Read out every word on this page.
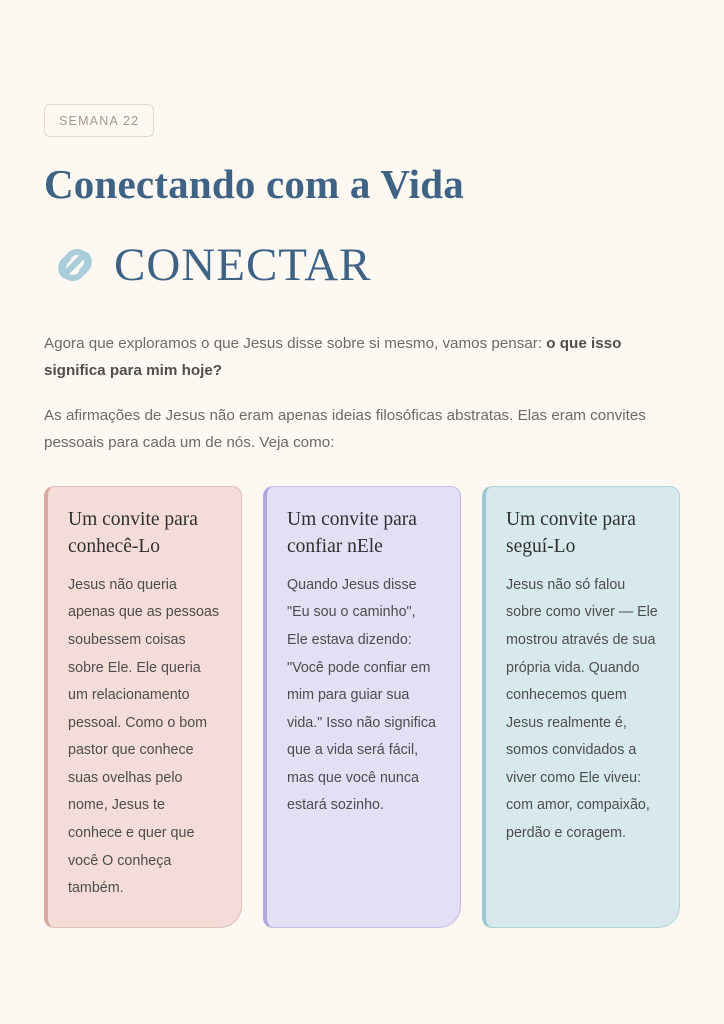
SEMANA 22
Conectando com a Vida
CONECTAR

Agora que exploramos o que Jesus disse sobre si mesmo, vamos pensar: o que isso significa para mim hoje?

As afirmações de Jesus não eram apenas ideias filosóficas abstratas. Elas eram convites pessoais para cada um de nós. Veja como:

Um convite para conhecê-Lo

Jesus não queria apenas que as pessoas soubessem coisas sobre Ele. Ele queria um relacionamento pessoal. Como o bom pastor que conhece suas ovelhas pelo nome, Jesus te conhece e quer que você O conheça também.

Um convite para confiar nEle

Quando Jesus disse "Eu sou o caminho", Ele estava dizendo: "Você pode confiar em mim para guiar sua vida." Isso não significa que a vida será fácil, mas que você nunca estará sozinho.

Um convite para seguí-Lo

Jesus não só falou sobre como viver — Ele mostrou através de sua própria vida. Quando conhecemos quem Jesus realmente é, somos convidados a viver como Ele viveu: com amor, compaixão, perdão e coragem.
